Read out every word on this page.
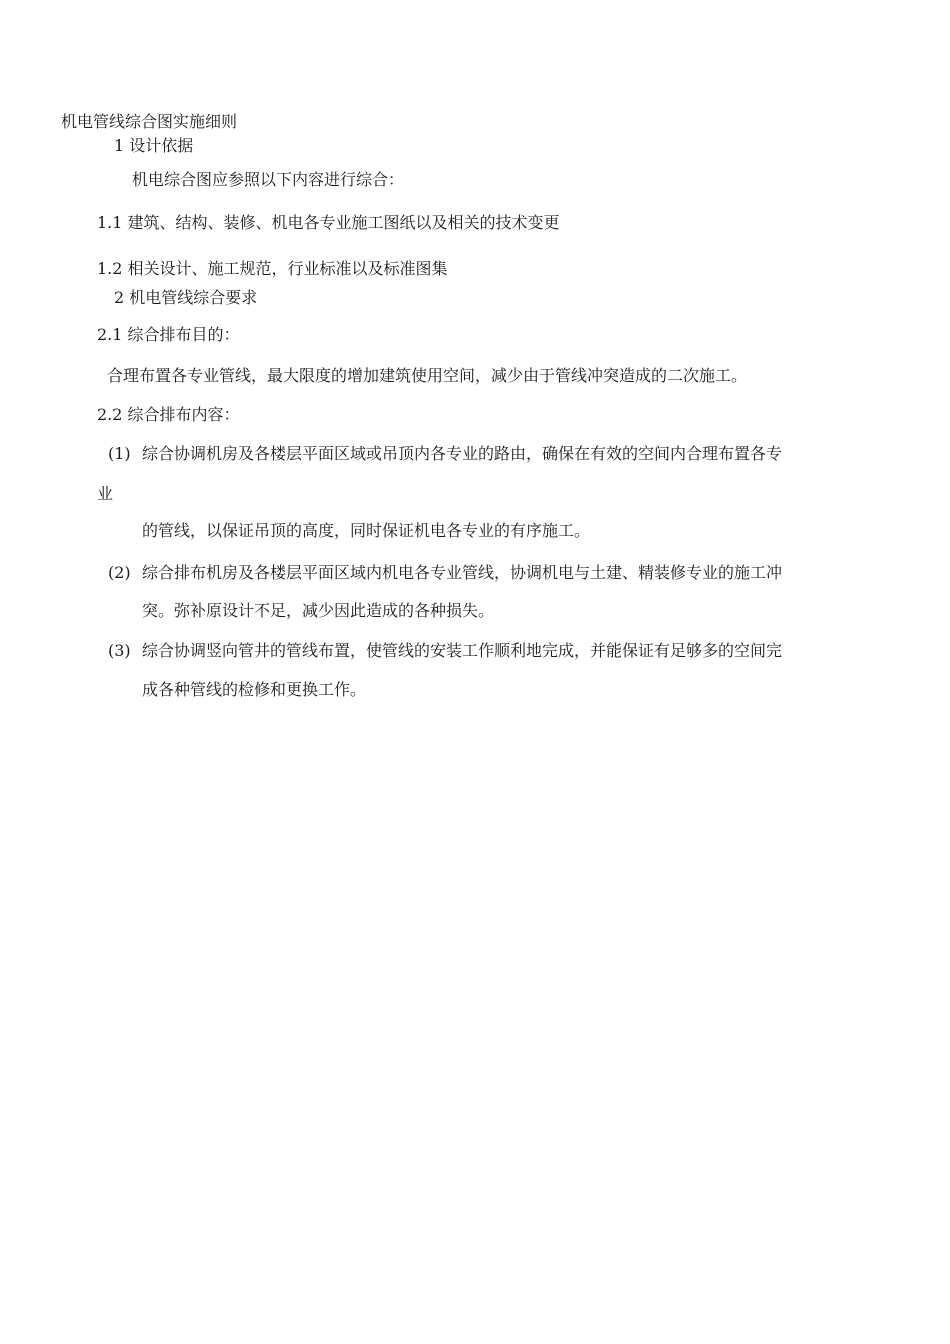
机电管线综合图实施细则
1 设计依据
机电综合图应参照以下内容进行综合：
1.1 建筑、结构、装修、机电各专业施工图纸以及相关的技术变更
1.2 相关设计、施工规范，行业标准以及标准图集
2 机电管线综合要求
2.1 综合排布目的：
合理布置各专业管线，最大限度的增加建筑使用空间，减少由于管线冲突造成的二次施工。
2.2 综合排布内容：
(1) 综合协调机房及各楼层平面区域或吊顶内各专业的路由，确保在有效的空间内合理布置各专
业
的管线，以保证吊顶的高度，同时保证机电各专业的有序施工。
(2) 综合排布机房及各楼层平面区域内机电各专业管线，协调机电与土建、精装修专业的施工冲
突。弥补原设计不足，减少因此造成的各种损失。
(3) 综合协调竖向管井的管线布置，使管线的安装工作顺利地完成，并能保证有足够多的空间完
成各种管线的检修和更换工作。
